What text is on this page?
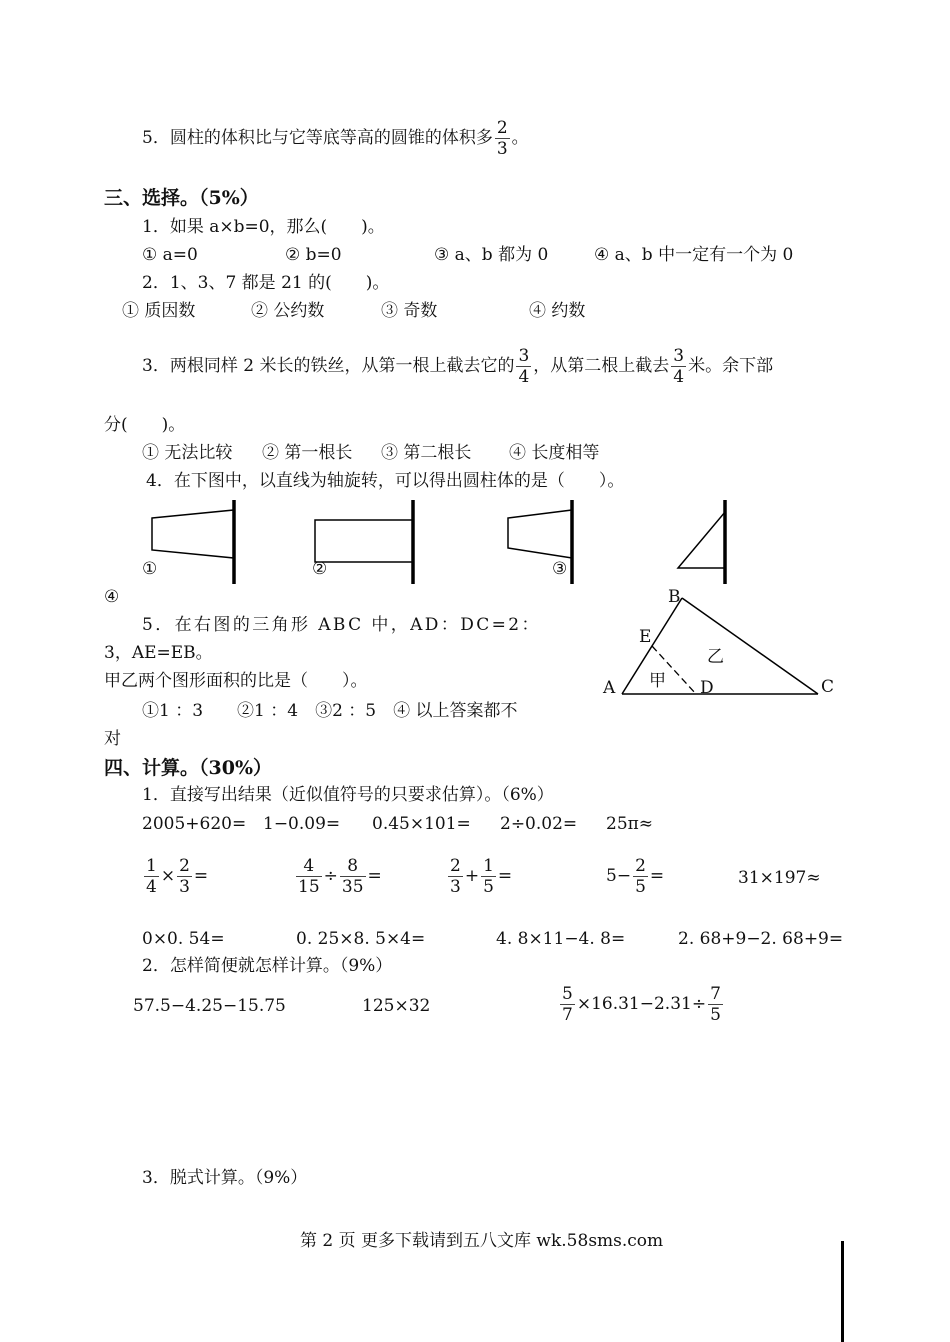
5．圆柱的体积比与它等底等高的圆锥的体积多 $\frac{2}{3}$ 。
三、选择。（5%）
1．如果 a×b=0，那么(　　)。
① a=0	② b=0	③ a、b 都为 0	④ a、b 中一定有一个为 0
2．1、3、7 都是 21 的(　　)。
① 质因数	② 公约数	③ 奇数	④ 约数
3．两根同样 2 米长的铁丝，从第一根上截去它的 $\frac{3}{4}$ ，从第二根上截去 $\frac{3}{4}$ 米。余下部
分(　　)。
① 无法比较 ② 第一根长 ③ 第二根长 ④ 长度相等
4．在下图中，以直线为轴旋转，可以得出圆柱体的是（　　）。
①	②	③
④
5．在右图的三角形 ABC 中，AD：DC=2：
3，AE=EB。
甲乙两个图形面积的比是（　　）。
①1 ：3　　②1 ：4　③2 ：5　④ 以上答案都不
对
A
B
C
D
E
甲
乙
四、计算。（30%）
1．直接写出结果（近似值符号的只要求估算）。（6%）
2005+620= 1−0.09= 0.45×101= 2÷0.02= 25π≈
$\frac{1}{4} \times \frac{2}{3}$ =	$\frac{4}{15} \div \frac{8}{35}$ =	$\frac{2}{3} + \frac{1}{5}$ =	$5- \frac{2}{5}$ =	31×197≈
0×0. 54=	0. 25×8. 5×4=	4. 8×11−4. 8=	2. 68+9−2. 68+9=
2．怎样简便就怎样计算。（9%）
57.5−4.25−15.75	125×32	$\frac{5}{7} \times 16.31-2.31\div \frac{7}{5}$
3．脱式计算。（9%）
第 2 页 更多下载请到五八文库 wk.58sms.com
